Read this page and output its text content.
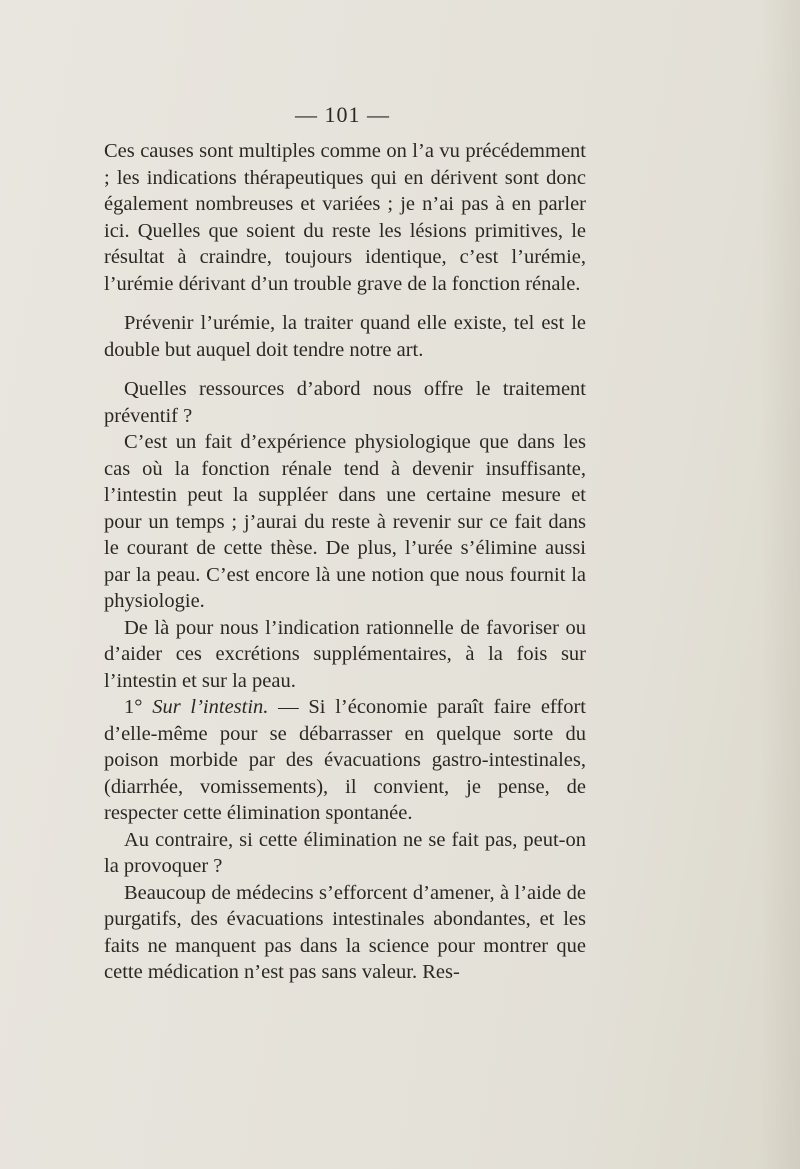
— 101 —

Ces causes sont multiples comme on l’a vu précédemment ; les indications thérapeutiques qui en dérivent sont donc également nombreuses et variées ; je n’ai pas à en parler ici. Quelles que soient du reste les lésions primitives, le résultat à craindre, toujours identique, c’est l’urémie, l’urémie dérivant d’un trouble grave de la fonction rénale.

Prévenir l’urémie, la traiter quand elle existe, tel est le double but auquel doit tendre notre art.

Quelles ressources d’abord nous offre le traitement préventif ?

C’est un fait d’expérience physiologique que dans les cas où la fonction rénale tend à devenir insuffisante, l’intestin peut la suppléer dans une certaine mesure et pour un temps ; j’aurai du reste à revenir sur ce fait dans le courant de cette thèse. De plus, l’urée s’élimine aussi par la peau. C’est encore là une notion que nous fournit la physiologie.

De là pour nous l’indication rationnelle de favoriser ou d’aider ces excrétions supplémentaires, à la fois sur l’intestin et sur la peau.

1° Sur l’intestin. — Si l’économie paraît faire effort d’elle-même pour se débarrasser en quelque sorte du poison morbide par des évacuations gastro-intestinales, (diarrhée, vomissements), il convient, je pense, de respecter cette élimination spontanée.

Au contraire, si cette élimination ne se fait pas, peut-on la provoquer ?

Beaucoup de médecins s’efforcent d’amener, à l’aide de purgatifs, des évacuations intestinales abondantes, et les faits ne manquent pas dans la science pour montrer que cette médication n’est pas sans valeur. Res-
